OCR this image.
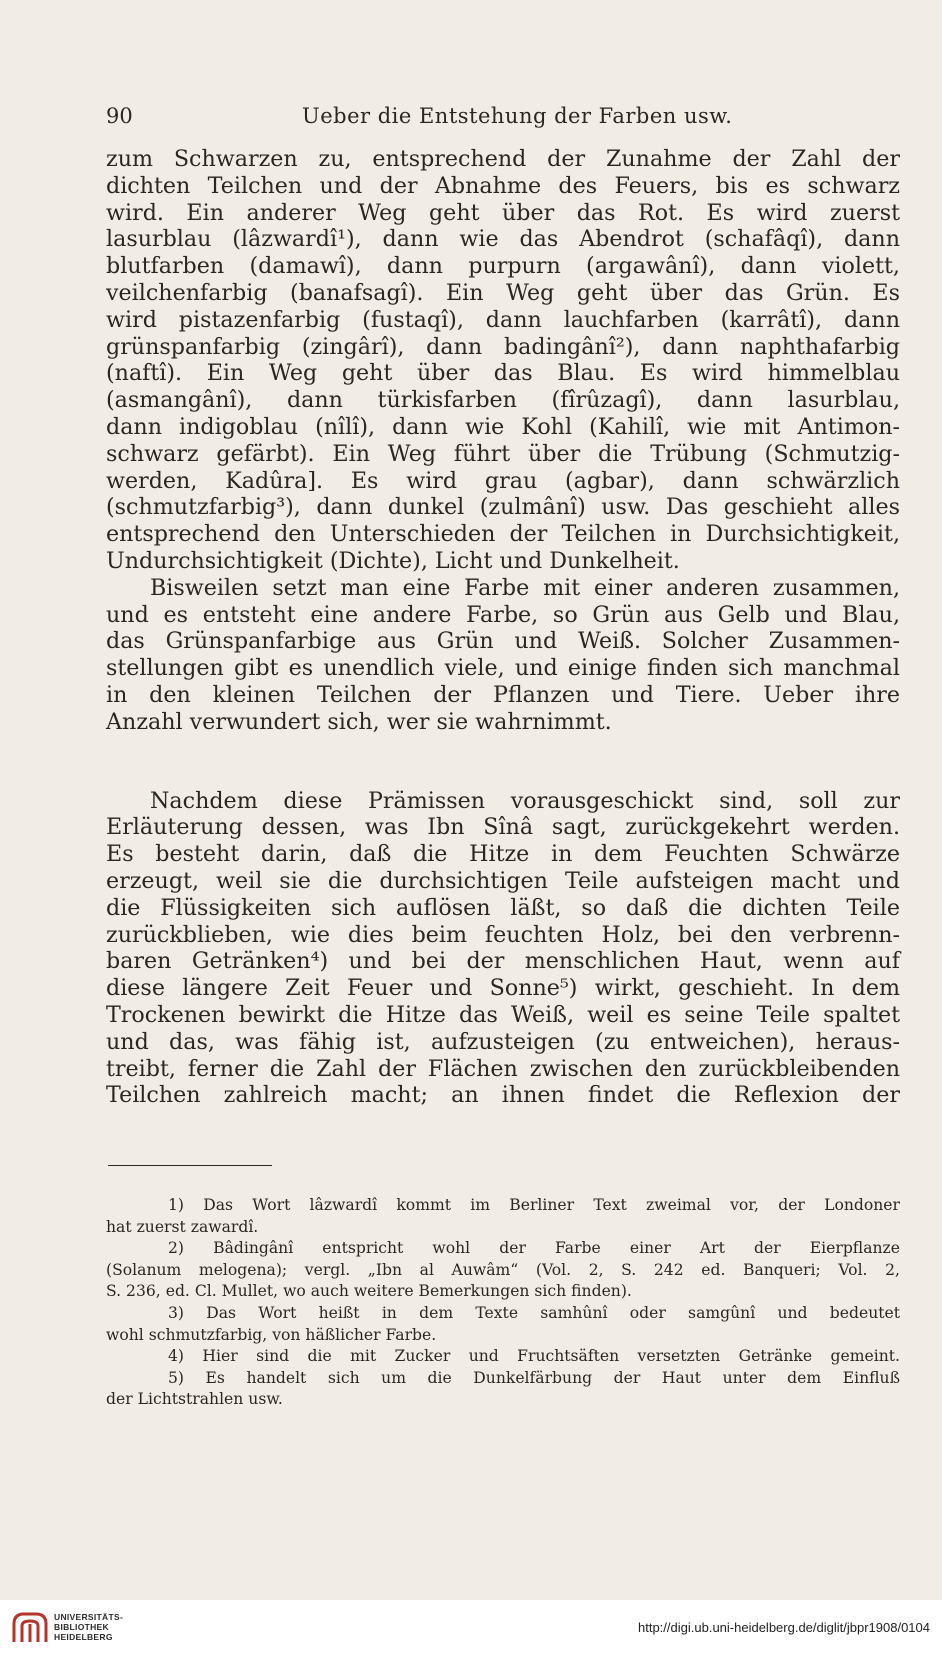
90	Ueber die Entstehung der Farben usw.
zum Schwarzen zu, entsprechend der Zunahme der Zahl der
dichten Teilchen und der Abnahme des Feuers, bis es schwarz
wird. Ein anderer Weg geht über das Rot. Es wird zuerst
lasurblau (lâzwardî¹), dann wie das Abendrot (schafâqî), dann
blutfarben (damawî), dann purpurn (argawânî), dann violett,
veilchenfarbig (banafsagî). Ein Weg geht über das Grün. Es
wird pistazenfarbig (fustaqî), dann lauchfarben (karrâtî), dann
grünspanfarbig (zingârî), dann badingânî²), dann naphthafarbig
(naftî). Ein Weg geht über das Blau. Es wird himmelblau
(asmangânî), dann türkisfarben (fîrûzagî), dann lasurblau,
dann indigoblau (nîlî), dann wie Kohl (Kahilî, wie mit Antimon-
schwarz gefärbt). Ein Weg führt über die Trübung (Schmutzig-
werden, Kadûra]. Es wird grau (agbar), dann schwärzlich
(schmutzfarbig³), dann dunkel (zulmânî) usw. Das geschieht alles
entsprechend den Unterschieden der Teilchen in Durchsichtigkeit,
Undurchsichtigkeit (Dichte), Licht und Dunkelheit.
Bisweilen setzt man eine Farbe mit einer anderen zusammen,
und es entsteht eine andere Farbe, so Grün aus Gelb und Blau,
das Grünspanfarbige aus Grün und Weiß. Solcher Zusammen-
stellungen gibt es unendlich viele, und einige finden sich manchmal
in den kleinen Teilchen der Pflanzen und Tiere. Ueber ihre
Anzahl verwundert sich, wer sie wahrnimmt.
Nachdem diese Prämissen vorausgeschickt sind, soll zur
Erläuterung dessen, was Ibn Sînâ sagt, zurückgekehrt werden.
Es besteht darin, daß die Hitze in dem Feuchten Schwärze
erzeugt, weil sie die durchsichtigen Teile aufsteigen macht und
die Flüssigkeiten sich auflösen läßt, so daß die dichten Teile
zurückblieben, wie dies beim feuchten Holz, bei den verbrenn-
baren Getränken⁴) und bei der menschlichen Haut, wenn auf
diese längere Zeit Feuer und Sonne⁵) wirkt, geschieht. In dem
Trockenen bewirkt die Hitze das Weiß, weil es seine Teile spaltet
und das, was fähig ist, aufzusteigen (zu entweichen), heraus-
treibt, ferner die Zahl der Flächen zwischen den zurückbleibenden
Teilchen zahlreich macht; an ihnen findet die Reflexion der
1) Das Wort lâzwardî kommt im Berliner Text zweimal vor, der Londoner
hat zuerst zawardî.
2) Bâdingânî entspricht wohl der Farbe einer Art der Eierpflanze
(Solanum melogena); vergl. „Ibn al Auwâm“ (Vol. 2, S. 242 ed. Banqueri; Vol. 2,
S. 236, ed. Cl. Mullet, wo auch weitere Bemerkungen sich finden).
3) Das Wort heißt in dem Texte samhûnî oder samgûnî und bedeutet
wohl schmutzfarbig, von häßlicher Farbe.
4) Hier sind die mit Zucker und Fruchtsäften versetzten Getränke gemeint.
5) Es handelt sich um die Dunkelfärbung der Haut unter dem Einfluß
der Lichtstrahlen usw.
UNIVERSITÄTS-
BIBLIOTHEK
HEIDELBERG
http://digi.ub.uni-heidelberg.de/diglit/jbpr1908/0104
